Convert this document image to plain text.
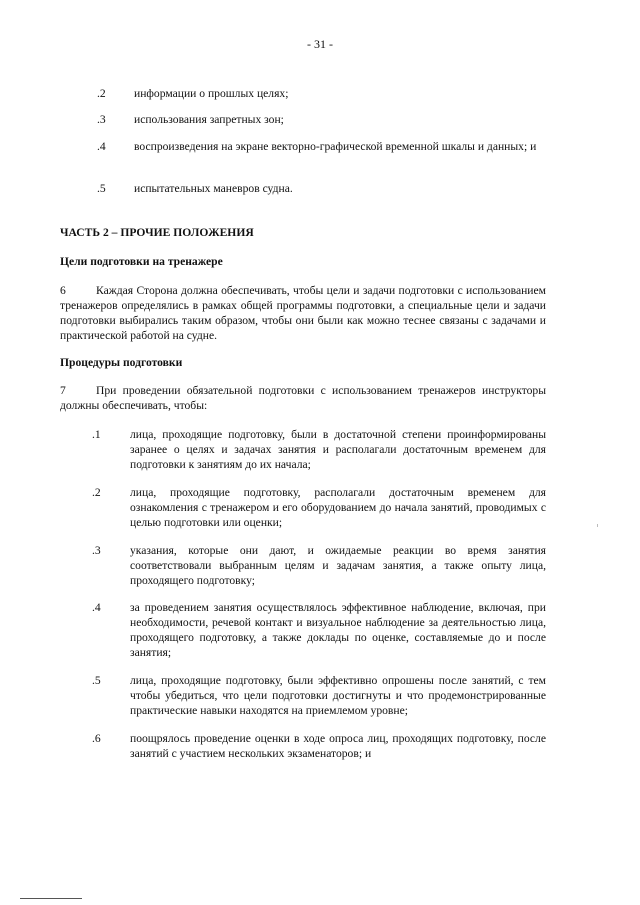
- 31 -
.2 информации о прошлых целях;
.3 использования запретных зон;
.4 воспроизведения на экране векторно-графической временной шкалы и данных; и
.5 испытательных маневров судна.
ЧАСТЬ 2 – ПРОЧИЕ ПОЛОЖЕНИЯ
Цели подготовки на тренажере
6	Каждая Сторона должна обеспечивать, чтобы цели и задачи подготовки с использованием тренажеров определялись в рамках общей программы подготовки, а специальные цели и задачи подготовки выбирались таким образом, чтобы они были как можно теснее связаны с задачами и практической работой на судне.
Процедуры подготовки
7	При проведении обязательной подготовки с использованием тренажеров инструкторы должны обеспечивать, чтобы:
.1	лица, проходящие подготовку, были в достаточной степени проинформированы заранее о целях и задачах занятия и располагали достаточным временем для подготовки к занятиям до их начала;
.2	лица, проходящие подготовку, располагали достаточным временем для ознакомления с тренажером и его оборудованием до начала занятий, проводимых с целью подготовки или оценки;
.3	указания, которые они дают, и ожидаемые реакции во время занятия соответствовали выбранным целям и задачам занятия, а также опыту лица, проходящего подготовку;
.4	за проведением занятия осуществлялось эффективное наблюдение, включая, при необходимости, речевой контакт и визуальное наблюдение за деятельностью лица, проходящего подготовку, а также доклады по оценке, составляемые до и после занятия;
.5	лица, проходящие подготовку, были эффективно опрошены после занятий, с тем чтобы убедиться, что цели подготовки достигнуты и что продемонстрированные практические навыки находятся на приемлемом уровне;
.6	поощрялось проведение оценки в ходе опроса лиц, проходящих подготовку, после занятий с участием нескольких экзаменаторов; и
